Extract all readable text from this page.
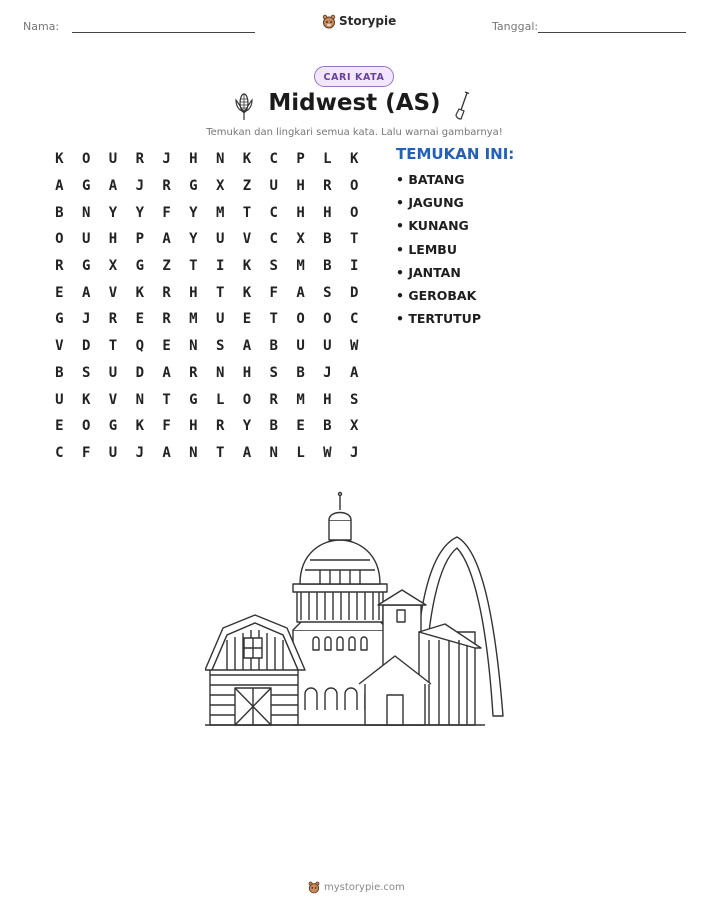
Nama:	Storypie	Tanggal:
CARI KATA
Midwest (AS)
Temukan dan lingkari semua kata. Lalu warnai gambarnya!
K	O	U	R	J	H	N	K	C	P	L	K
A	G	A	J	R	G	X	Z	U	H	R	O
B	N	Y	Y	F	Y	M	T	C	H	H	O
O	U	H	P	A	Y	U	V	C	X	B	T
R	G	X	G	Z	T	I	K	S	M	B	I
E	A	V	K	R	H	T	K	F	A	S	D
G	J	R	E	R	M	U	E	T	O	O	C
V	D	T	Q	E	N	S	A	B	U	U	W
B	S	U	D	A	R	N	H	S	B	J	A
U	K	V	N	T	G	L	O	R	M	H	S
E	O	G	K	F	H	R	Y	B	E	B	X
C	F	U	J	A	N	T	A	N	L	W	J
TEMUKAN INI:
• BATANG
• JAGUNG
• KUNANG
• LEMBU
• JANTAN
• GEROBAK
• TERTUTUP
mystorypie.com
